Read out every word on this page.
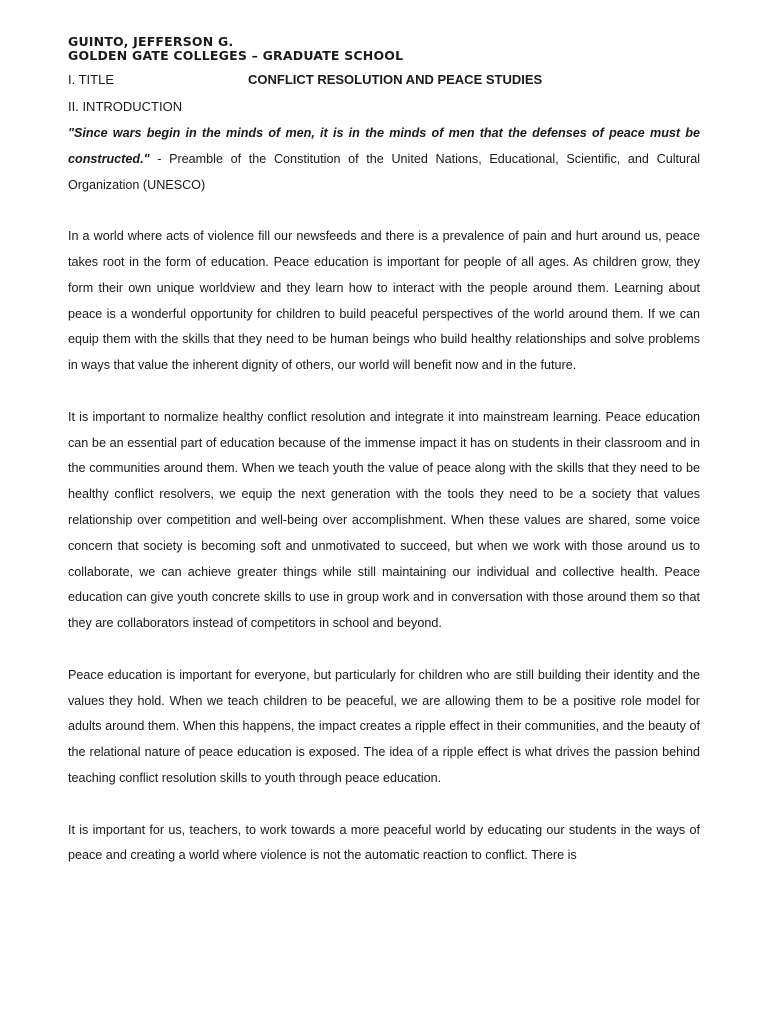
GUINTO, JEFFERSON G.

GOLDEN GATE COLLEGES – GRADUATE SCHOOL

I. TITLE	CONFLICT RESOLUTION AND PEACE STUDIES

II. INTRODUCTION

"Since wars begin in the minds of men, it is in the minds of men that the defenses of peace must be constructed." - Preamble of the Constitution of the United Nations, Educational, Scientific, and Cultural Organization (UNESCO)

In a world where acts of violence fill our newsfeeds and there is a prevalence of pain and hurt around us, peace takes root in the form of education. Peace education is important for people of all ages. As children grow, they form their own unique worldview and they learn how to interact with the people around them. Learning about peace is a wonderful opportunity for children to build peaceful perspectives of the world around them. If we can equip them with the skills that they need to be human beings who build healthy relationships and solve problems in ways that value the inherent dignity of others, our world will benefit now and in the future.

It is important to normalize healthy conflict resolution and integrate it into mainstream learning. Peace education can be an essential part of education because of the immense impact it has on students in their classroom and in the communities around them. When we teach youth the value of peace along with the skills that they need to be healthy conflict resolvers, we equip the next generation with the tools they need to be a society that values relationship over competition and well-being over accomplishment. When these values are shared, some voice concern that society is becoming soft and unmotivated to succeed, but when we work with those around us to collaborate, we can achieve greater things while still maintaining our individual and collective health. Peace education can give youth concrete skills to use in group work and in conversation with those around them so that they are collaborators instead of competitors in school and beyond.

Peace education is important for everyone, but particularly for children who are still building their identity and the values they hold. When we teach children to be peaceful, we are allowing them to be a positive role model for adults around them. When this happens, the impact creates a ripple effect in their communities, and the beauty of the relational nature of peace education is exposed. The idea of a ripple effect is what drives the passion behind teaching conflict resolution skills to youth through peace education.

It is important for us, teachers, to work towards a more peaceful world by educating our students in the ways of peace and creating a world where violence is not the automatic reaction to conflict. There is
